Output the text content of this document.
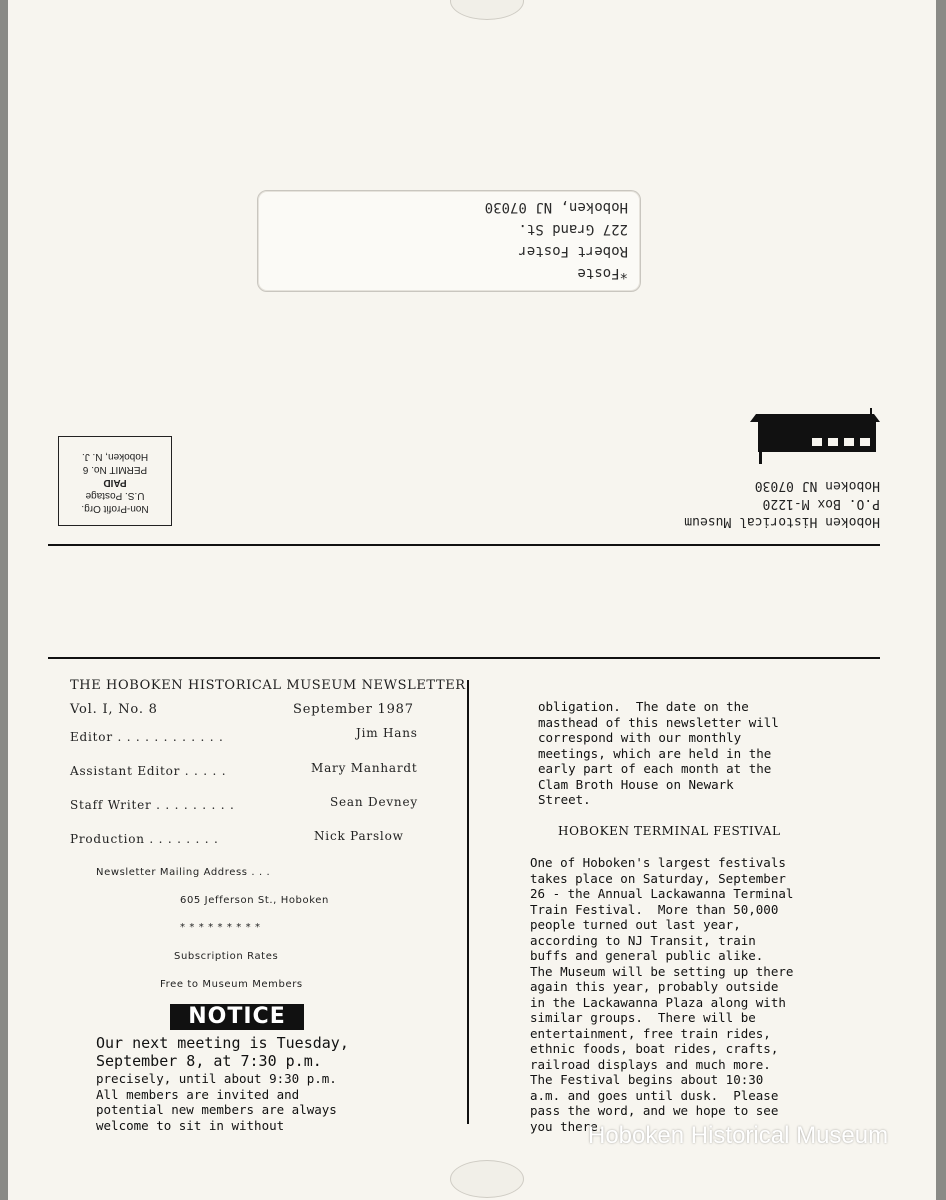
*Foste
Robert Foster
227 Grand St.
Hoboken, NJ 07030
Hoboken Historical Museum
P.O. Box M-1220
Hoboken NJ 07030
Non-Profit Org.
U.S. Postage
PAID
PERMIT No. 6
Hoboken, N. J.
THE HOBOKEN HISTORICAL MUSEUM NEWSLETTER
Vol. I, No. 8	September 1987
Editor . . . . . . . . . . . .	Jim Hans
Assistant Editor . . . . .	Mary Manhardt
Staff Writer . . . . . . . . .	Sean Devney
Production . . . . . . . .	Nick Parslow
Newsletter Mailing Address . . .
605 Jefferson St., Hoboken
* * * * * * * * *
Subscription Rates
Free to Museum Members
NOTICE
Our next meeting is Tuesday,
September 8, at 7:30 p.m.
precisely, until about 9:30 p.m.
All members are invited and
potential new members are always
welcome to sit in without
obligation.  The date on the
masthead of this newsletter will
correspond with our monthly
meetings, which are held in the
early part of each month at the
Clam Broth House on Newark
Street.
HOBOKEN TERMINAL FESTIVAL
One of Hoboken's largest festivals
takes place on Saturday, September
26 - the Annual Lackawanna Terminal
Train Festival.  More than 50,000
people turned out last year,
according to NJ Transit, train
buffs and general public alike.
The Museum will be setting up there
again this year, probably outside
in the Lackawanna Plaza along with
similar groups.  There will be
entertainment, free train rides,
ethnic foods, boat rides, crafts,
railroad displays and much more.
The Festival begins about 10:30
a.m. and goes until dusk.  Please
pass the word, and we hope to see
you there.
Hoboken Historical Museum
